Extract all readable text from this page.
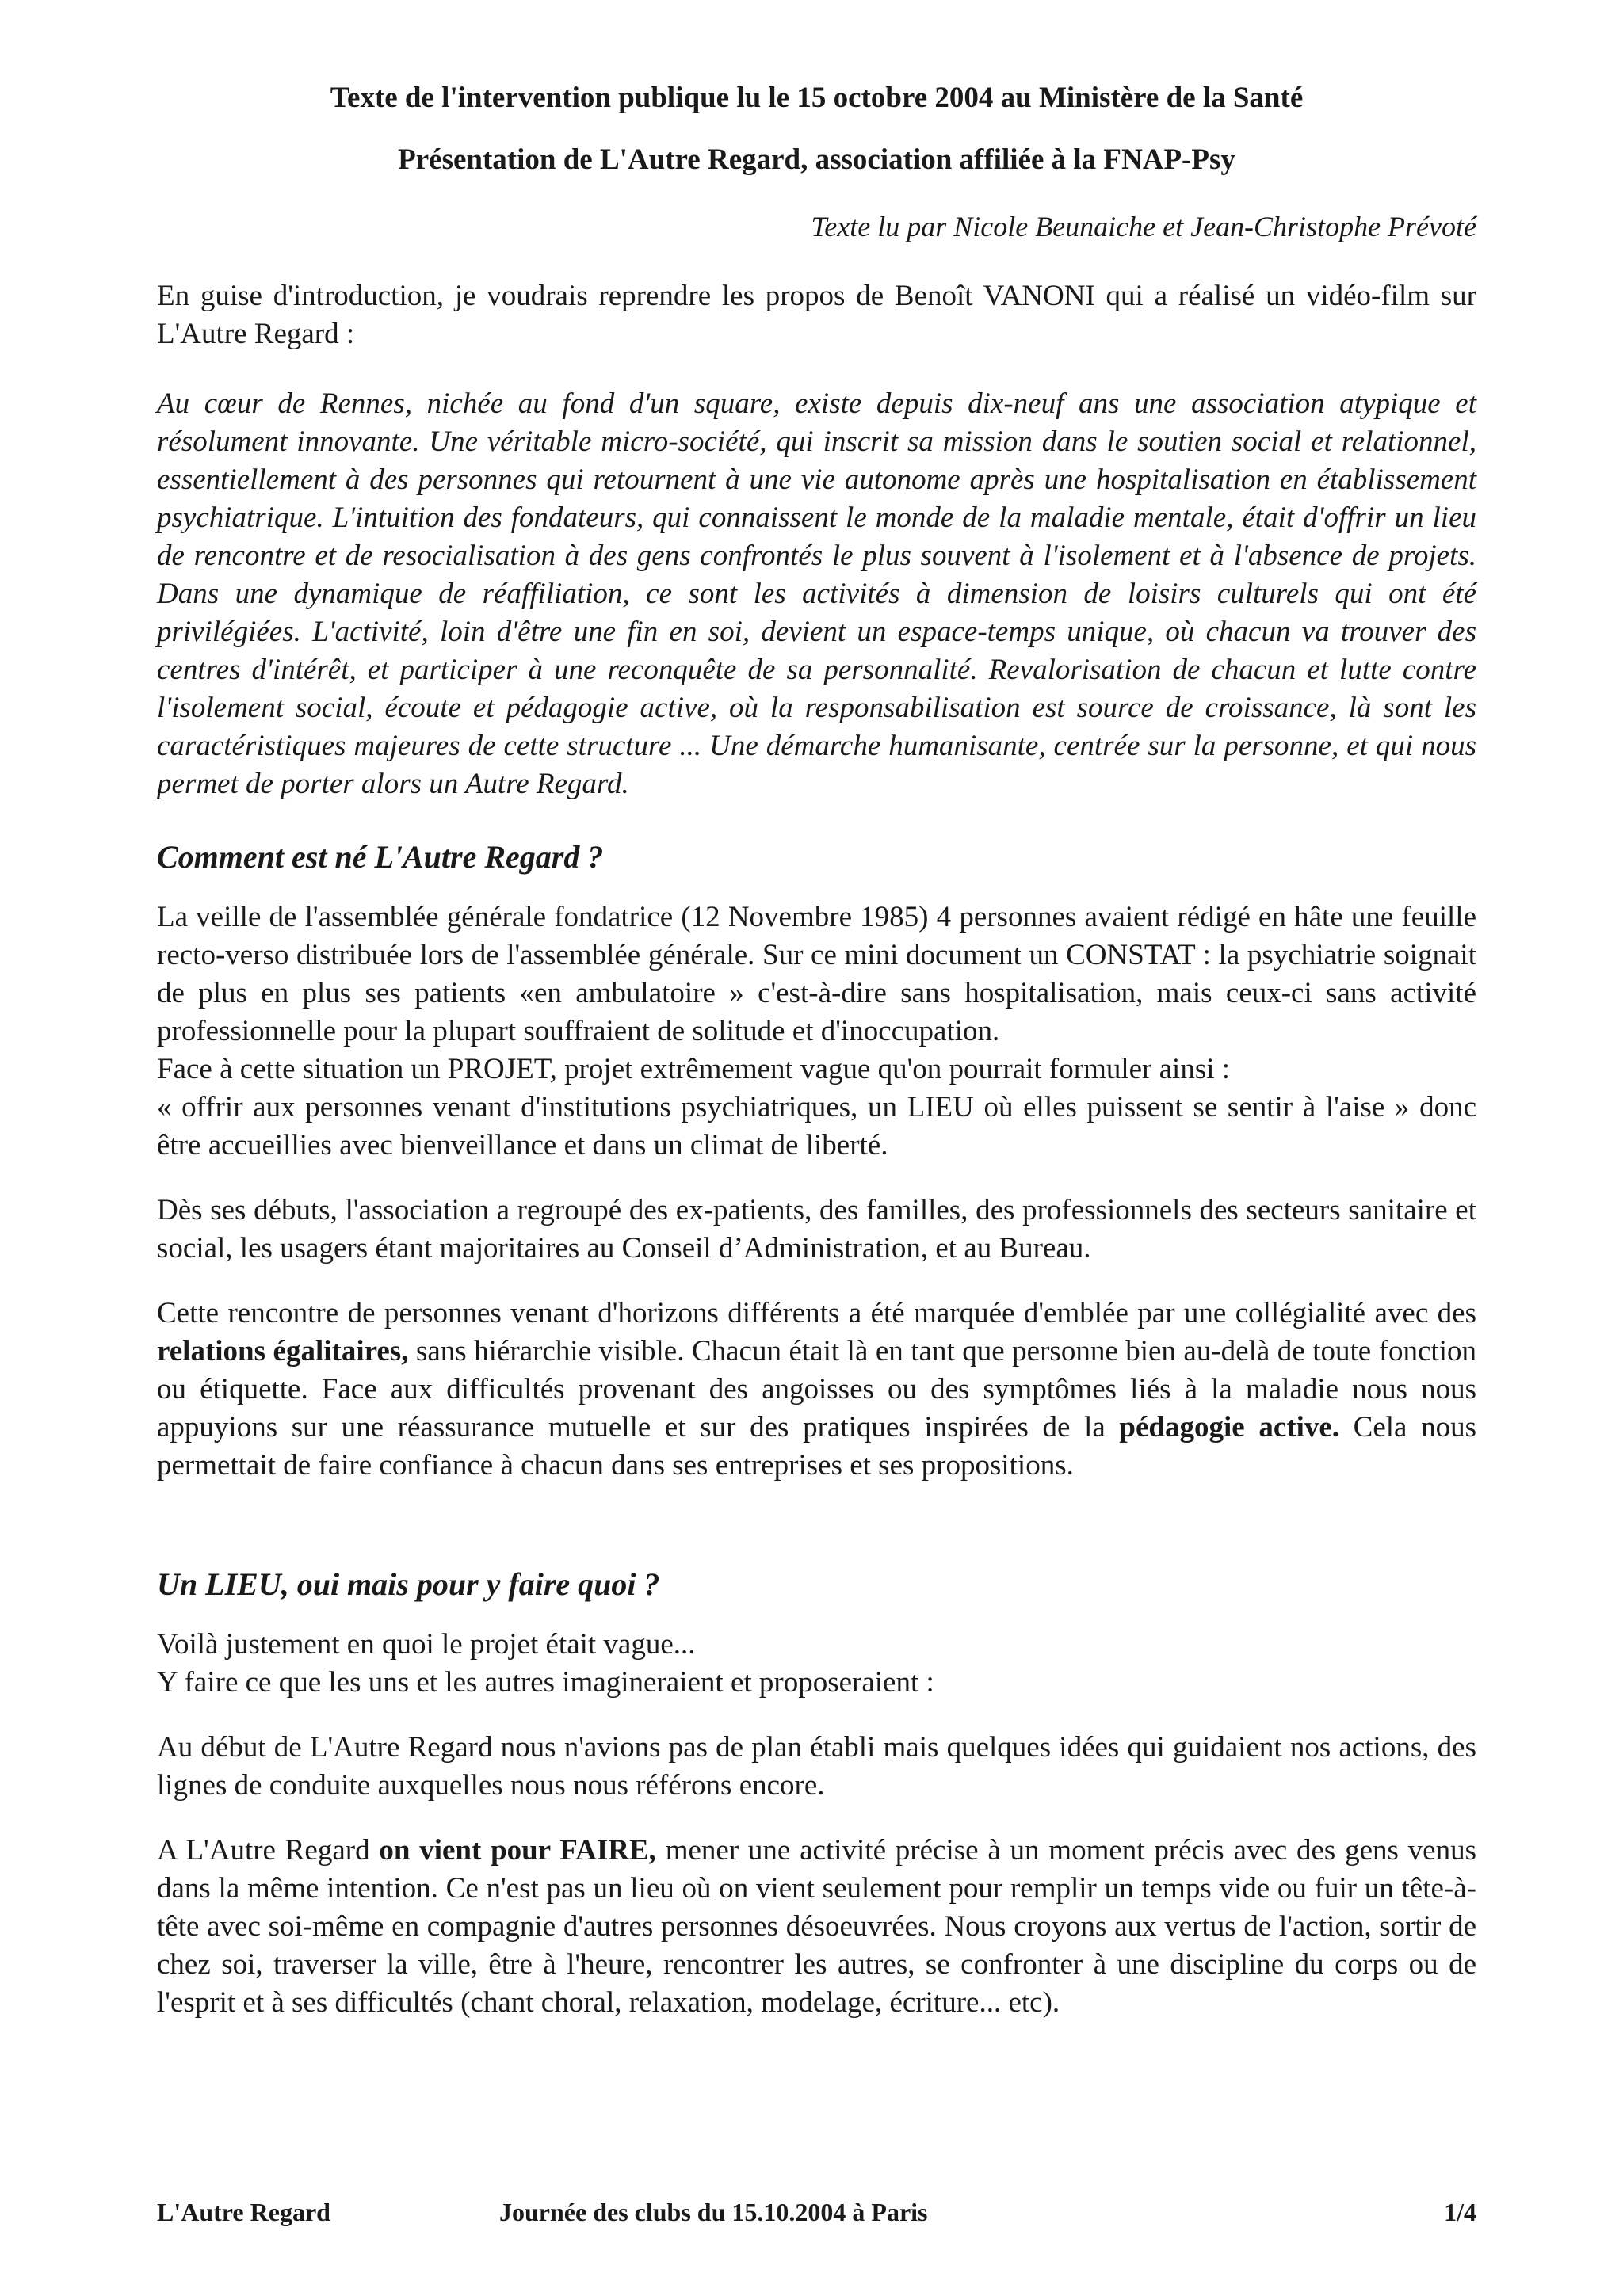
Texte de l'intervention publique lu le 15 octobre 2004 au Ministère de la Santé
Présentation de L'Autre Regard, association affiliée à la FNAP-Psy
Texte lu par Nicole Beunaiche et Jean-Christophe Prévoté

En guise d'introduction, je voudrais reprendre les propos de Benoît VANONI qui a réalisé un vidéo-film sur L'Autre Regard :

Au cœur de Rennes, nichée au fond d'un square, existe depuis dix-neuf ans une association atypique et résolument innovante. Une véritable micro-société, qui inscrit sa mission dans le soutien social et relationnel, essentiellement à des personnes qui retournent à une vie autonome après une hospitalisation en établissement psychiatrique. L'intuition des fondateurs, qui connaissent le monde de la maladie mentale, était d'offrir un lieu de rencontre et de resocialisation à des gens confrontés le plus souvent à l'isolement et à l'absence de projets. Dans une dynamique de réaffiliation, ce sont les activités à dimension de loisirs culturels qui ont été privilégiées. L'activité, loin d'être une fin en soi, devient un espace-temps unique, où chacun va trouver des centres d'intérêt, et participer à une reconquête de sa personnalité. Revalorisation de chacun et lutte contre l'isolement social, écoute et pédagogie active, où la responsabilisation est source de croissance, là sont les caractéristiques majeures de cette structure ... Une démarche humanisante, centrée sur la personne, et qui nous permet de porter alors un Autre Regard.

Comment est né L'Autre Regard ?

La veille de l'assemblée générale fondatrice (12 Novembre 1985) 4 personnes avaient rédigé en hâte une feuille recto-verso distribuée lors de l'assemblée générale. Sur ce mini document un CONSTAT : la psychiatrie soignait de plus en plus ses patients «en ambulatoire » c'est-à-dire sans hospitalisation, mais ceux-ci sans activité professionnelle pour la plupart souffraient de solitude et d'inoccupation.

Face à cette situation un PROJET, projet extrêmement vague qu'on pourrait formuler ainsi :

« offrir aux personnes venant d'institutions psychiatriques, un LIEU où elles puissent se sentir à l'aise » donc être accueillies avec bienveillance et dans un climat de liberté.

Dès ses débuts, l'association a regroupé des ex-patients, des familles, des professionnels des secteurs sanitaire et social, les usagers étant majoritaires au Conseil d’Administration, et au Bureau.

Cette rencontre de personnes venant d'horizons différents a été marquée d'emblée par une collégialité avec des relations égalitaires, sans hiérarchie visible. Chacun était là en tant que personne bien au-delà de toute fonction ou étiquette. Face aux difficultés provenant des angoisses ou des symptômes liés à la maladie nous nous appuyions sur une réassurance mutuelle et sur des pratiques inspirées de la pédagogie active. Cela nous permettait de faire confiance à chacun dans ses entreprises et ses propositions.

Un LIEU, oui mais pour y faire quoi ?

Voilà justement en quoi le projet était vague...

Y faire ce que les uns et les autres imagineraient et proposeraient :

Au début de L'Autre Regard nous n'avions pas de plan établi mais quelques idées qui guidaient nos actions, des lignes de conduite auxquelles nous nous référons encore.

A L'Autre Regard on vient pour FAIRE, mener une activité précise à un moment précis avec des gens venus dans la même intention. Ce n'est pas un lieu où on vient seulement pour remplir un temps vide ou fuir un tête-à-tête avec soi-même en compagnie d'autres personnes désoeuvrées. Nous croyons aux vertus de l'action, sortir de chez soi, traverser la ville, être à l'heure, rencontrer les autres, se confronter à une discipline du corps ou de l'esprit et à ses difficultés (chant choral, relaxation, modelage, écriture... etc).

L'Autre Regard	Journée des clubs du 15.10.2004 à Paris	1/4
